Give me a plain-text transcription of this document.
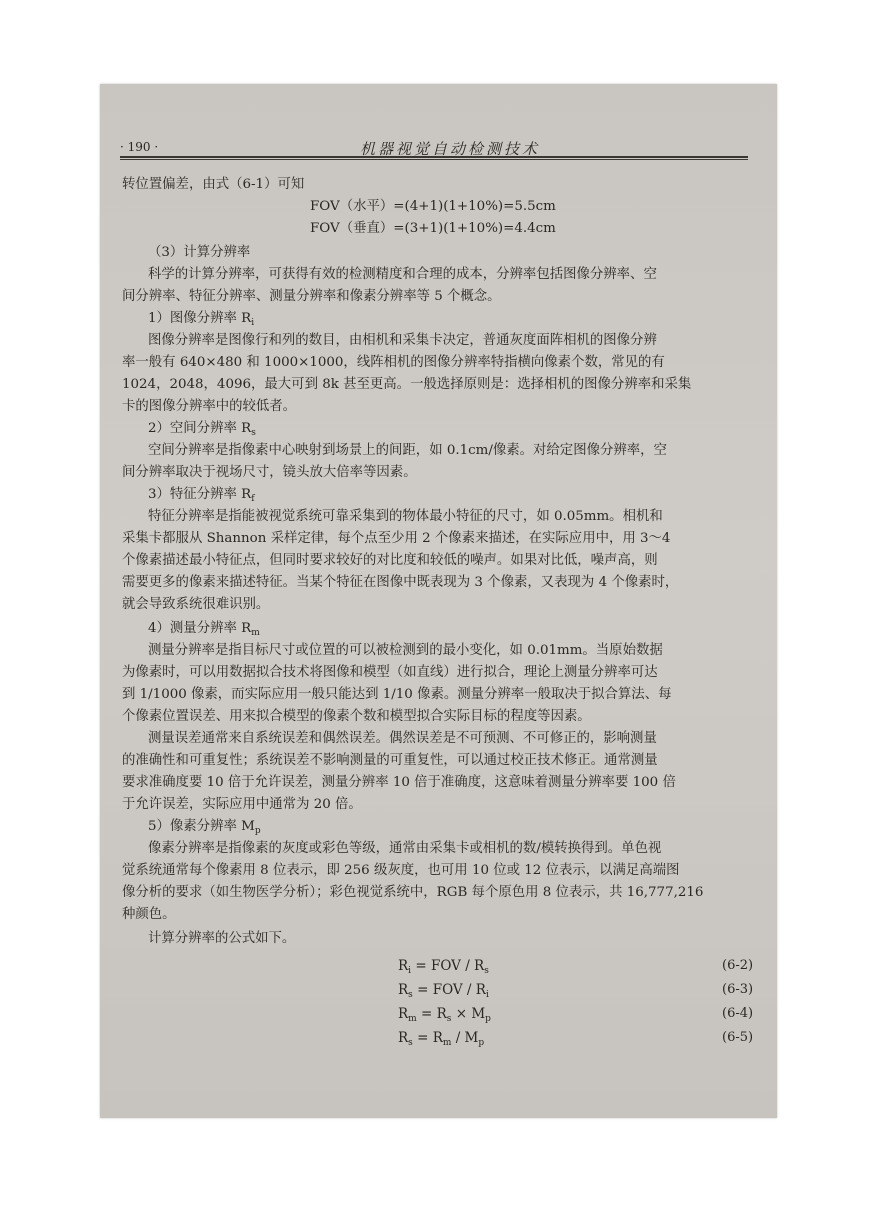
· 190 ·	机器视觉自动检测技术
转位置偏差，由式（6-1）可知
FOV（水平）=(4+1)(1+10%)=5.5cm
FOV（垂直）=(3+1)(1+10%)=4.4cm
（3）计算分辨率
科学的计算分辨率，可获得有效的检测精度和合理的成本，分辨率包括图像分辨率、空
间分辨率、特征分辨率、测量分辨率和像素分辨率等 5 个概念。
1）图像分辨率 $R_i$
图像分辨率是图像行和列的数目，由相机和采集卡决定，普通灰度面阵相机的图像分辨
率一般有 640×480 和 1000×1000，线阵相机的图像分辨率特指横向像素个数，常见的有
1024，2048，4096，最大可到 8k 甚至更高。一般选择原则是：选择相机的图像分辨率和采集
卡的图像分辨率中的较低者。
2）空间分辨率 $R_s$
空间分辨率是指像素中心映射到场景上的间距，如 0.1cm/像素。对给定图像分辨率，空
间分辨率取决于视场尺寸，镜头放大倍率等因素。
3）特征分辨率 $R_f$
特征分辨率是指能被视觉系统可靠采集到的物体最小特征的尺寸，如 0.05mm。相机和
采集卡都服从 Shannon 采样定律，每个点至少用 2 个像素来描述，在实际应用中，用 3～4
个像素描述最小特征点，但同时要求较好的对比度和较低的噪声。如果对比低，噪声高，则
需要更多的像素来描述特征。当某个特征在图像中既表现为 3 个像素，又表现为 4 个像素时，
就会导致系统很难识别。
4）测量分辨率 $R_m$
测量分辨率是指目标尺寸或位置的可以被检测到的最小变化，如 0.01mm。当原始数据
为像素时，可以用数据拟合技术将图像和模型（如直线）进行拟合，理论上测量分辨率可达
到 1/1000 像素，而实际应用一般只能达到 1/10 像素。测量分辨率一般取决于拟合算法、每
个像素位置误差、用来拟合模型的像素个数和模型拟合实际目标的程度等因素。
测量误差通常来自系统误差和偶然误差。偶然误差是不可预测、不可修正的，影响测量
的准确性和可重复性；系统误差不影响测量的可重复性，可以通过校正技术修正。通常测量
要求准确度要 10 倍于允许误差，测量分辨率 10 倍于准确度，这意味着测量分辨率要 100 倍
于允许误差，实际应用中通常为 20 倍。
5）像素分辨率 $M_p$
像素分辨率是指像素的灰度或彩色等级，通常由采集卡或相机的数/模转换得到。单色视
觉系统通常每个像素用 8 位表示，即 256 级灰度，也可用 10 位或 12 位表示，以满足高端图
像分析的要求（如生物医学分析）；彩色视觉系统中，RGB 每个原色用 8 位表示，共 16,777,216
种颜色。
计算分辨率的公式如下。
$R_i$ = FOV / $R_s$	(6-2)
$R_s$ = FOV / $R_i$	(6-3)
$R_m = R_s \times M_p$	(6-4)
$R_s = R_m / M_p$	(6-5)
